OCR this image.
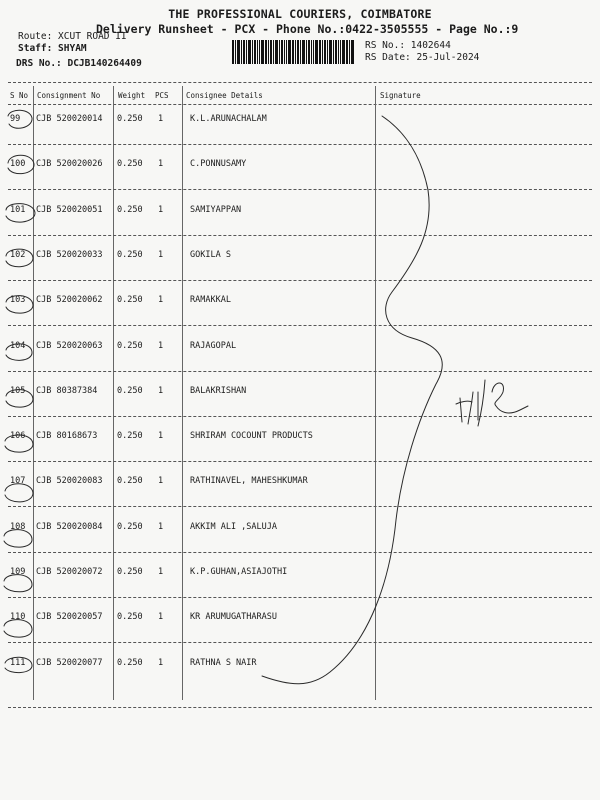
THE PROFESSIONAL COURIERS, COIMBATORE
Delivery Runsheet - PCX - Phone No.:0422-3505555 - Page No.:9
Route: XCUT ROAD II
Staff: SHYAM
DRS No.: DCJB140264409
RS No.: 1402644
RS Date: 25-Jul-2024
S No Consignment No Weight PCS Consignee Details	Signature
99 CJB 520020014 0.250 1	K.L.ARUNACHALAM
100 CJB 520020026 0.250 1	C.PONNUSAMY
101 CJB 520020051 0.250 1	SAMIYAPPAN
102 CJB 520020033 0.250 1	GOKILA S
103 CJB 520020062 0.250 1	RAMAKKAL
104 CJB 520020063 0.250 1	RAJAGOPAL
105 CJB 80387384 0.250 1	BALAKRISHAN
106 CJB 80168673 0.250 1	SHRIRAM COCOUNT PRODUCTS
107 CJB 520020083 0.250 1	RATHINAVEL, MAHESHKUMAR
108 CJB 520020084 0.250 1	AKKIM ALI ,SALUJA
109 CJB 520020072 0.250 1	K.P.GUHAN,ASIAJOTHI
110 CJB 520020057 0.250 1	KR ARUMUGATHARASU
111 CJB 520020077 0.250 1	RATHNA S NAIR
